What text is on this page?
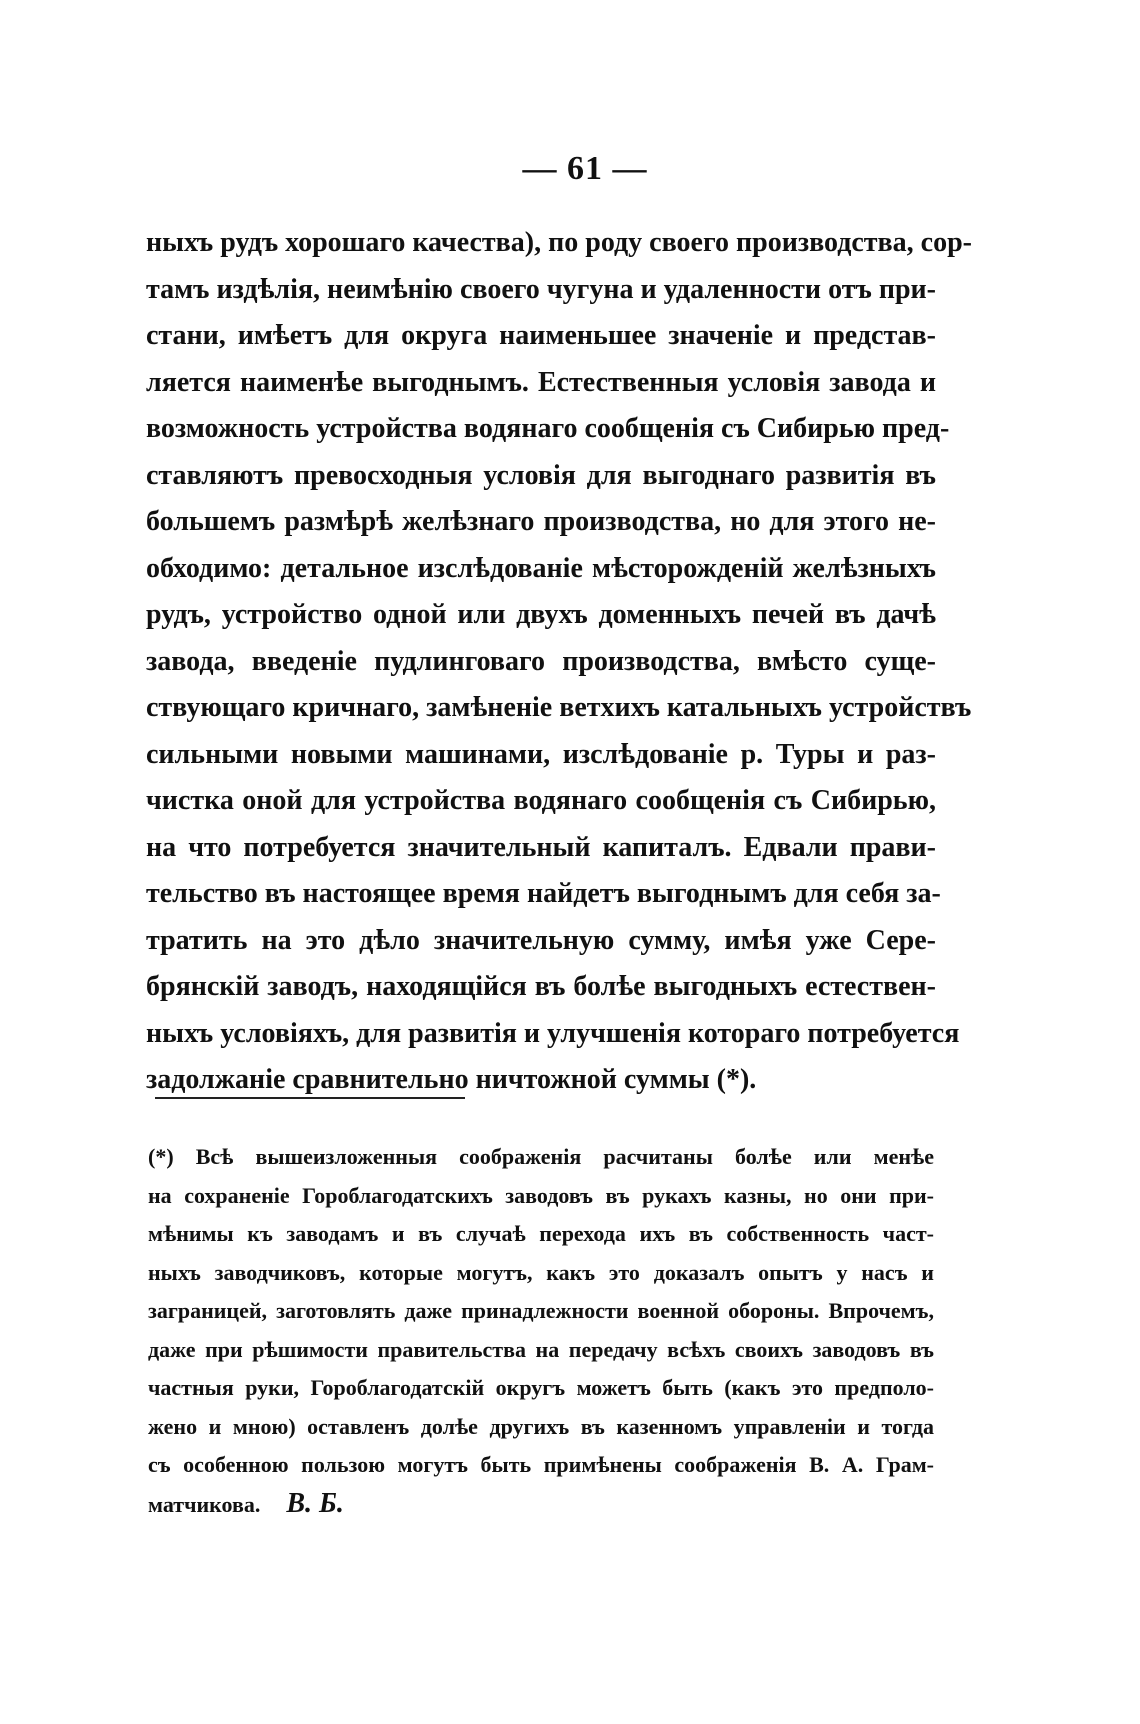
— 61 —
ныхъ рудъ хорошаго качества), по роду своего производства, сор-
тамъ издѣлія, неимѣнію своего чугуна и удаленности отъ при-
стани, имѣетъ для округа наименьшее значеніе и представ-
ляется наименѣе выгоднымъ. Естественныя условія завода и
возможность устройства водянаго сообщенія съ Сибирью пред-
ставляютъ превосходныя условія для выгоднаго развитія въ
большемъ размѣрѣ желѣзнаго производства, но для этого не-
обходимо: детальное изслѣдованіе мѣсторожденій желѣзныхъ
рудъ, устройство одной или двухъ доменныхъ печей въ дачѣ
завода, введеніе пудлинговаго производства, вмѣсто суще-
ствующаго кричнаго, замѣненіе ветхихъ катальныхъ устройствъ
сильными новыми машинами, изслѣдованіе р. Туры и раз-
чистка оной для устройства водянаго сообщенія съ Сибирью,
на что потребуется значительный капиталъ. Едвали прави-
тельство въ настоящее время найдетъ выгоднымъ для себя за-
тратить на это дѣло значительную сумму, имѣя уже Сере-
брянскій заводъ, находящійся въ болѣе выгодныхъ естествен-
ныхъ условіяхъ, для развитія и улучшенія котораго потребуется
задолжаніе сравнительно ничтожной суммы (*).
(*) Всѣ вышеизложенныя соображенія расчитаны болѣе или менѣе
на сохраненіе Гороблагодатскихъ заводовъ въ рукахъ казны, но они при-
мѣнимы къ заводамъ и въ случаѣ перехода ихъ въ собственность част-
ныхъ заводчиковъ, которые могутъ, какъ это доказалъ опытъ у насъ и
заграницей, заготовлять даже принадлежности военной обороны. Впрочемъ,
даже при рѣшимости правительства на передачу всѣхъ своихъ заводовъ въ
частныя руки, Гороблагодатскій округъ можетъ быть (какъ это предполо-
жено и мною) оставленъ долѣе другихъ въ казенномъ управленіи и тогда
съ особенною пользою могутъ быть примѣнены соображенія В. А. Грам-
матчикова. В. Б.
